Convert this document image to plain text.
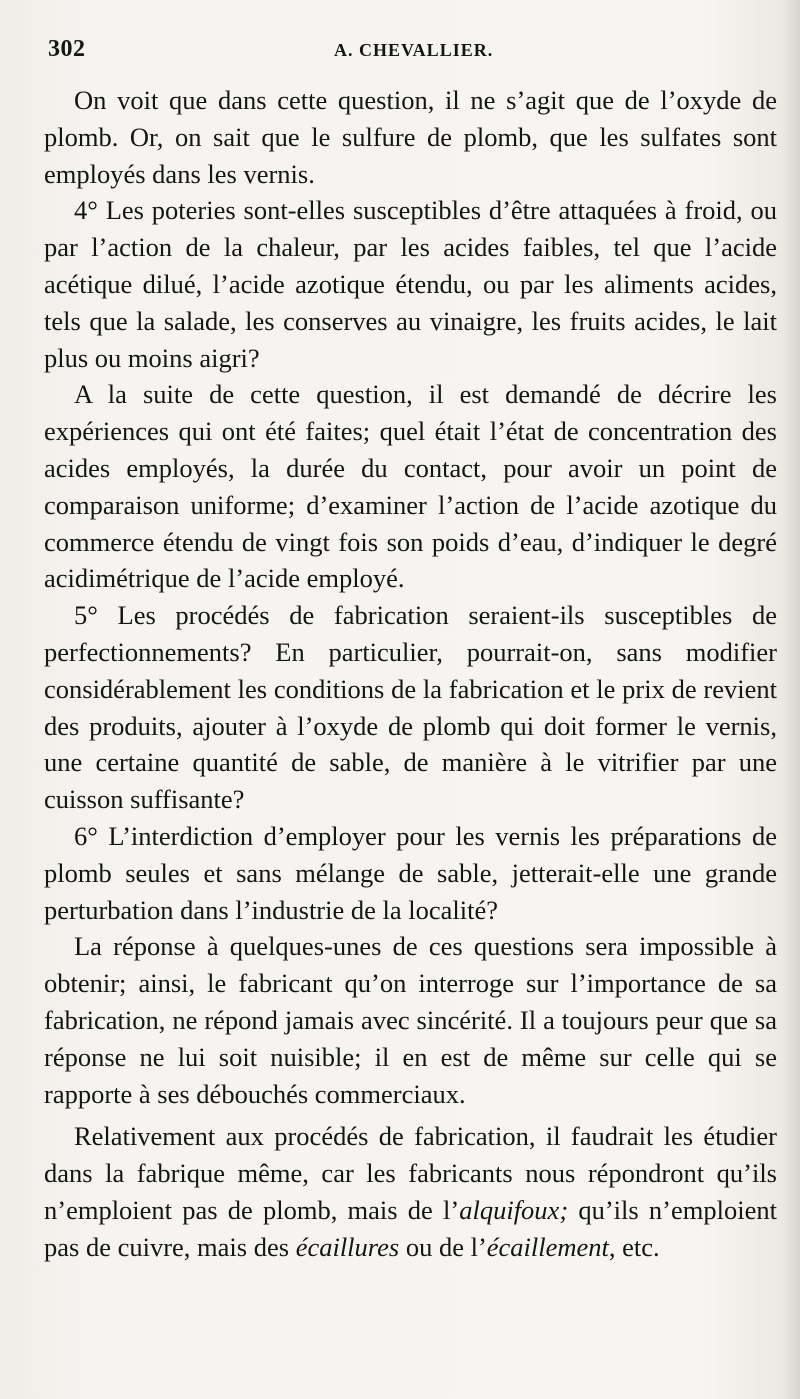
302	A. CHEVALLIER.

On voit que dans cette question, il ne s’agit que de l’oxyde de plomb. Or, on sait que le sulfure de plomb, que les sulfates sont employés dans les vernis.

4° Les poteries sont-elles susceptibles d’être attaquées à froid, ou par l’action de la chaleur, par les acides faibles, tel que l’acide acétique dilué, l’acide azotique étendu, ou par les aliments acides, tels que la salade, les conserves au vinaigre, les fruits acides, le lait plus ou moins aigri?

A la suite de cette question, il est demandé de décrire les expériences qui ont été faites; quel était l’état de concentration des acides employés, la durée du contact, pour avoir un point de comparaison uniforme; d’examiner l’action de l’acide azotique du commerce étendu de vingt fois son poids d’eau, d’indiquer le degré acidimétrique de l’acide employé.

5° Les procédés de fabrication seraient-ils susceptibles de perfectionnements? En particulier, pourrait-on, sans modifier considérablement les conditions de la fabrication et le prix de revient des produits, ajouter à l’oxyde de plomb qui doit former le vernis, une certaine quantité de sable, de manière à le vitrifier par une cuisson suffisante?

6° L’interdiction d’employer pour les vernis les préparations de plomb seules et sans mélange de sable, jetterait-elle une grande perturbation dans l’industrie de la localité?

La réponse à quelques-unes de ces questions sera impossible à obtenir; ainsi, le fabricant qu’on interroge sur l’importance de sa fabrication, ne répond jamais avec sincérité. Il a toujours peur que sa réponse ne lui soit nuisible; il en est de même sur celle qui se rapporte à ses débouchés commerciaux.

Relativement aux procédés de fabrication, il faudrait les étudier dans la fabrique même, car les fabricants nous répondront qu’ils n’emploient pas de plomb, mais de l’alquifoux; qu’ils n’emploient pas de cuivre, mais des écaillures ou de l’écaillement, etc.
